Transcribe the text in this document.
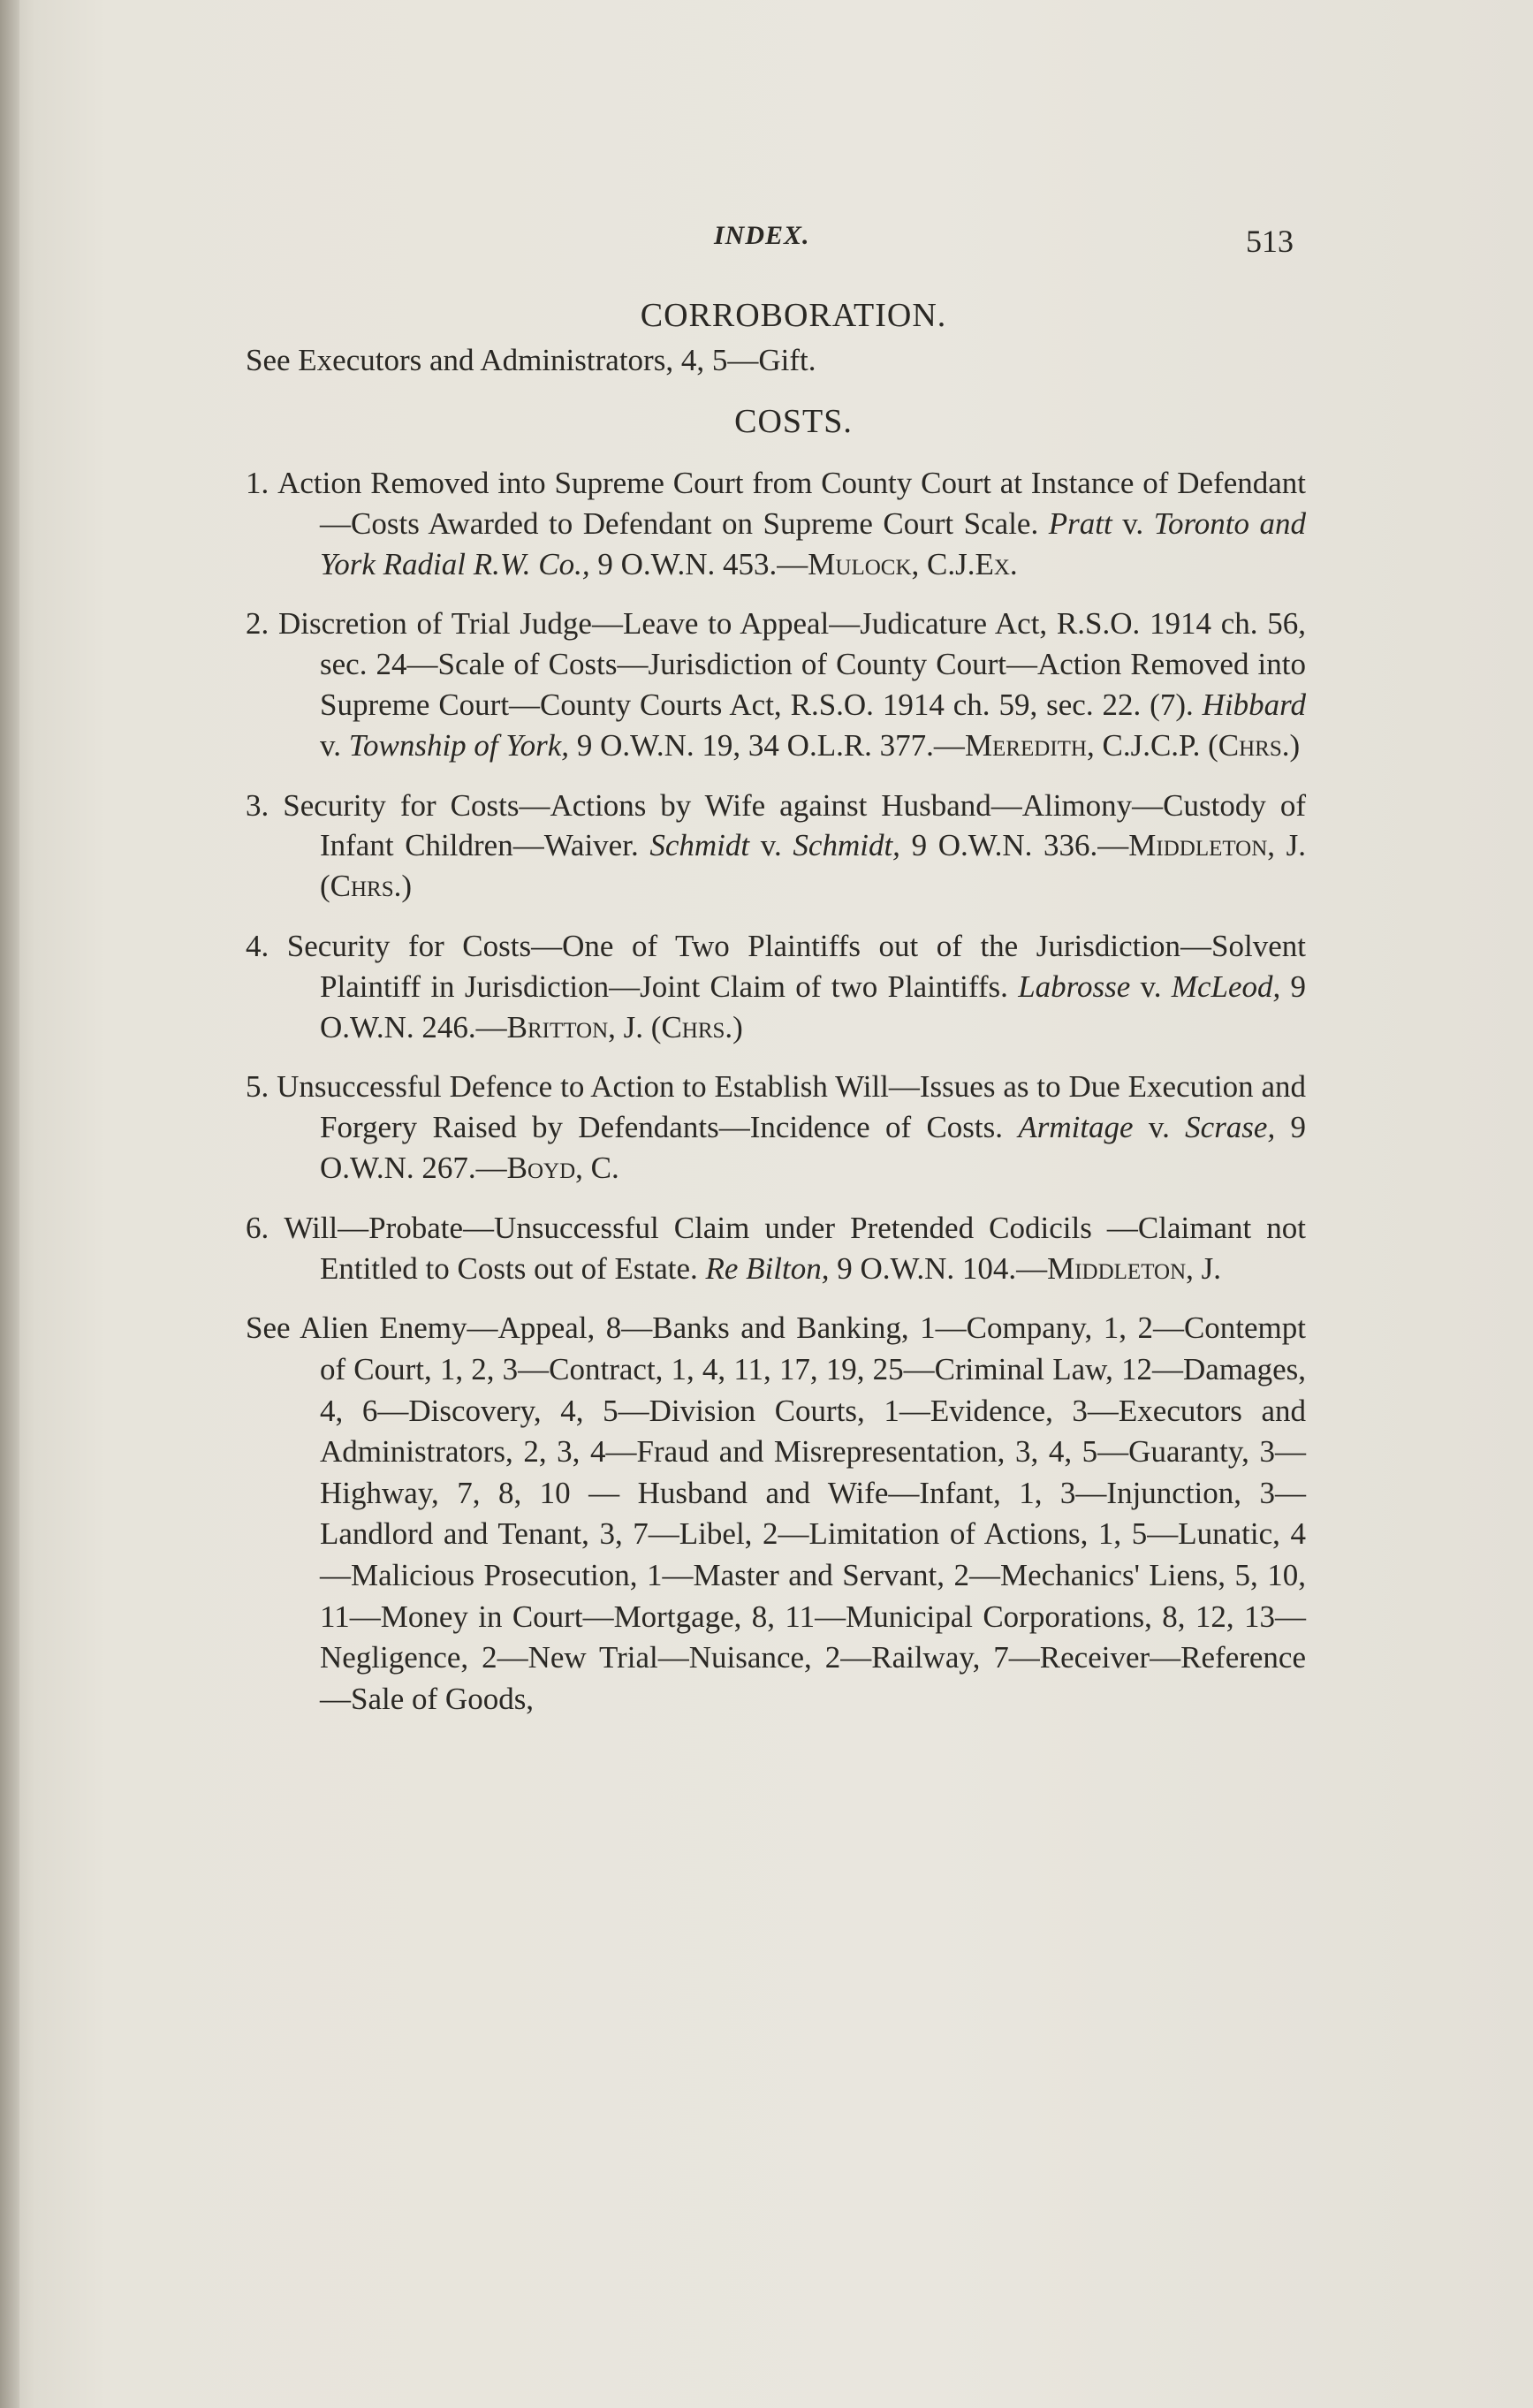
INDEX.	513
CORROBORATION.
See Executors and Administrators, 4, 5—Gift.
COSTS.

1. Action Removed into Supreme Court from County Court at Instance of Defendant—Costs Awarded to Defendant on Supreme Court Scale. Pratt v. Toronto and York Radial R.W. Co., 9 O.W.N. 453.—Mulock, C.J.Ex.

2. Discretion of Trial Judge—Leave to Appeal—Judicature Act, R.S.O. 1914 ch. 56, sec. 24—Scale of Costs—Jurisdiction of County Court—Action Removed into Supreme Court—County Courts Act, R.S.O. 1914 ch. 59, sec. 22. (7). Hibbard v. Township of York, 9 O.W.N. 19, 34 O.L.R. 377.—Meredith, C.J.C.P. (Chrs.)

3. Security for Costs—Actions by Wife against Husband—Alimony—Custody of Infant Children—Waiver. Schmidt v. Schmidt, 9 O.W.N. 336.—Middleton, J. (Chrs.)

4. Security for Costs—One of Two Plaintiffs out of the Jurisdiction—Solvent Plaintiff in Jurisdiction—Joint Claim of two Plaintiffs. Labrosse v. McLeod, 9 O.W.N. 246.—Britton, J. (Chrs.)

5. Unsuccessful Defence to Action to Establish Will—Issues as to Due Execution and Forgery Raised by Defendants—Incidence of Costs. Armitage v. Scrase, 9 O.W.N. 267.—Boyd, C.

6. Will—Probate—Unsuccessful Claim under Pretended Codicils —Claimant not Entitled to Costs out of Estate. Re Bilton, 9 O.W.N. 104.—Middleton, J.

See Alien Enemy—Appeal, 8—Banks and Banking, 1—Company, 1, 2—Contempt of Court, 1, 2, 3—Contract, 1, 4, 11, 17, 19, 25—Criminal Law, 12—Damages, 4, 6—Discovery, 4, 5—Division Courts, 1—Evidence, 3—Executors and Administrators, 2, 3, 4—Fraud and Misrepresentation, 3, 4, 5—Guaranty, 3—Highway, 7, 8, 10 — Husband and Wife—Infant, 1, 3—Injunction, 3—Landlord and Tenant, 3, 7—Libel, 2—Limitation of Actions, 1, 5—Lunatic, 4—Malicious Prosecution, 1—Master and Servant, 2—Mechanics' Liens, 5, 10, 11—Money in Court—Mortgage, 8, 11—Municipal Corporations, 8, 12, 13—Negligence, 2—New Trial—Nuisance, 2—Railway, 7—Receiver—Reference—Sale of Goods,
